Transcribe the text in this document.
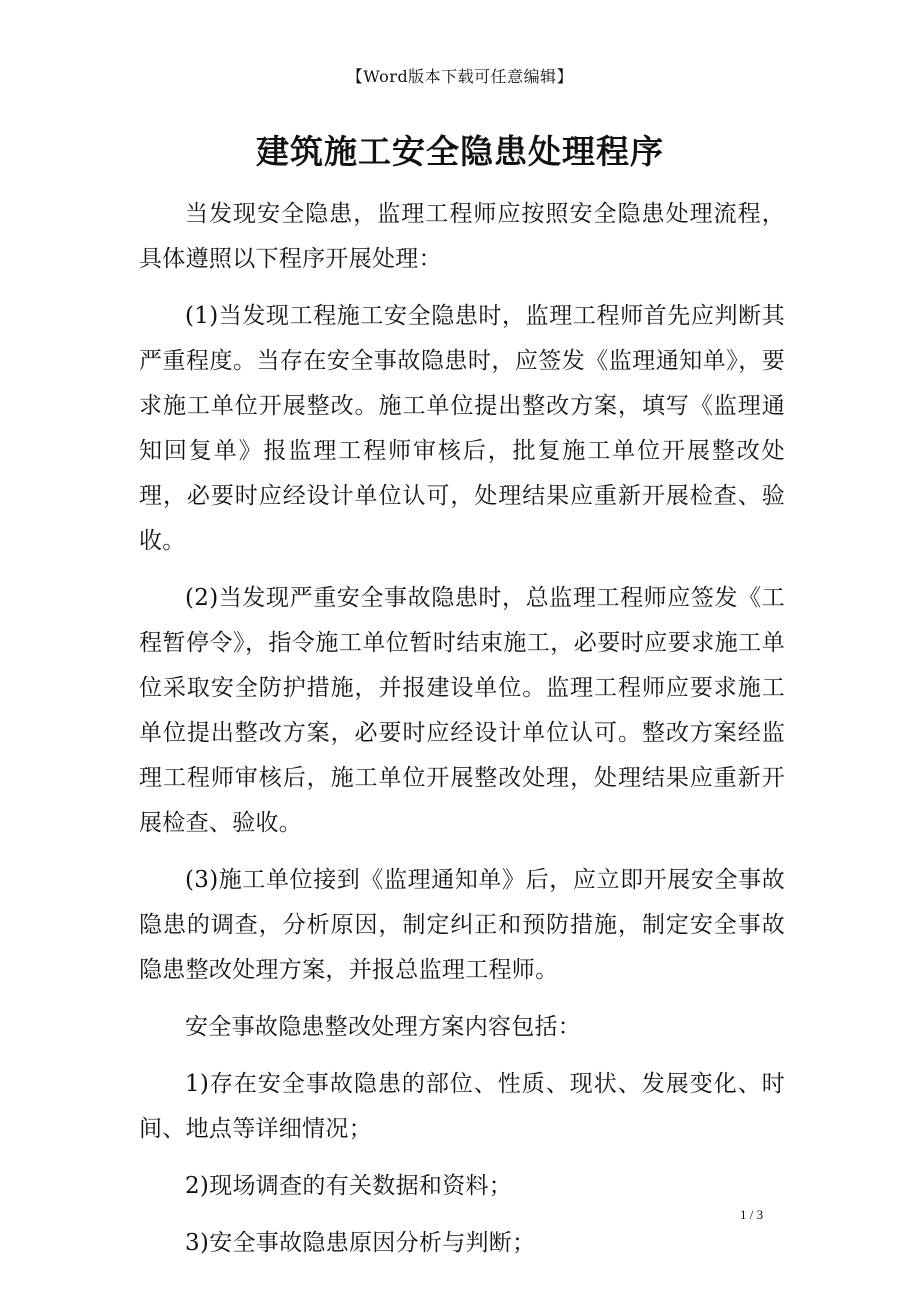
【Word版本下载可任意编辑】
建筑施工安全隐患处理程序

当发现安全隐患，监理工程师应按照安全隐患处理流程，具体遵照以下程序开展处理：

(1)当发现工程施工安全隐患时，监理工程师首先应判断其严重程度。当存在安全事故隐患时，应签发《监理通知单》，要求施工单位开展整改。施工单位提出整改方案，填写《监理通知回复单》报监理工程师审核后，批复施工单位开展整改处理，必要时应经设计单位认可，处理结果应重新开展检查、验收。

(2)当发现严重安全事故隐患时，总监理工程师应签发《工程暂停令》，指令施工单位暂时结束施工，必要时应要求施工单位采取安全防护措施，并报建设单位。监理工程师应要求施工单位提出整改方案，必要时应经设计单位认可。整改方案经监理工程师审核后，施工单位开展整改处理，处理结果应重新开展检查、验收。

(3)施工单位接到《监理通知单》后，应立即开展安全事故隐患的调查，分析原因，制定纠正和预防措施，制定安全事故隐患整改处理方案，并报总监理工程师。

安全事故隐患整改处理方案内容包括：

1)存在安全事故隐患的部位、性质、现状、发展变化、时间、地点等详细情况；

2)现场调查的有关数据和资料；

3)安全事故隐患原因分析与判断；

1 / 3
